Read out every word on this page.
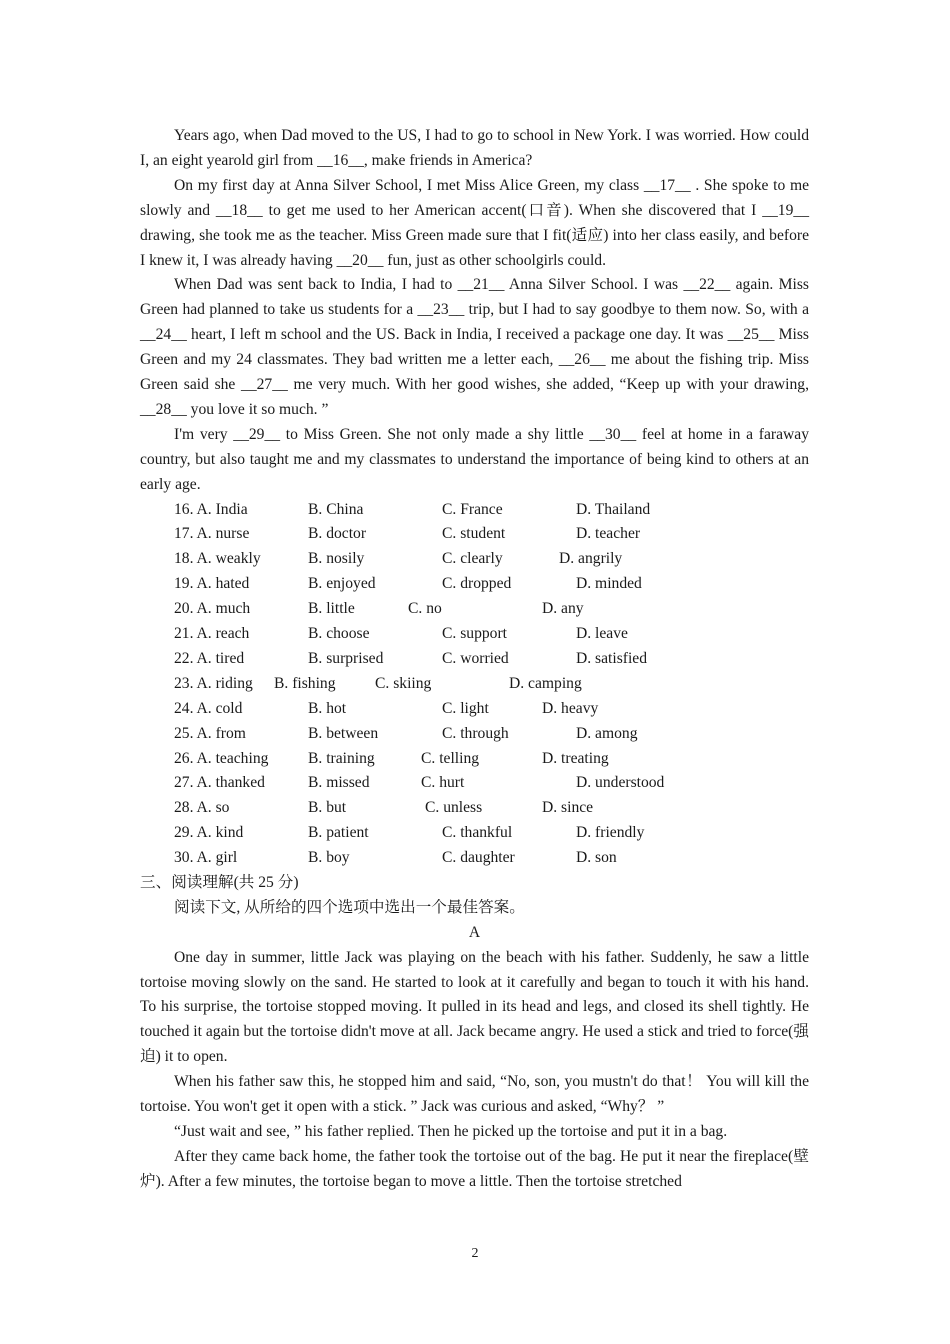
Years ago, when Dad moved to the US, I had to go to school in New York. I was worried. How could I, an eight yearold girl from __16__, make friends in America?

On my first day at Anna Silver School, I met Miss Alice Green, my class __17__ . She spoke to me slowly and __18__ to get me used to her American accent(口音). When she discovered that I __19__ drawing, she took me as the teacher. Miss Green made sure that I fit(适应) into her class easily, and before I knew it, I was already having __20__ fun, just as other schoolgirls could.

When Dad was sent back to India, I had to __21__ Anna Silver School. I was __22__ again. Miss Green had planned to take us students for a __23__ trip, but I had to say goodbye to them now. So, with a __24__ heart, I left m school and the US. Back in India, I received a package one day. It was __25__ Miss Green and my 24 classmates. They bad written me a letter each, __26__ me about the fishing trip. Miss Green said she __27__ me very much. With her good wishes, she added, “Keep up with your drawing, __28__ you love it so much. ”

I'm very __29__ to Miss Green. She not only made a shy little __30__ feel at home in a faraway country, but also taught me and my classmates to understand the importance of being kind to others at an early age.

16. A. India	B. China	C. France	D. Thailand
17. A. nurse	B. doctor	C. student	D. teacher
18. A. weakly	B. nosily	C. clearly	D. angrily
19. A. hated	B. enjoyed	C. dropped	D. minded
20. A. much	B. little	C. no	D. any
21. A. reach	B. choose	C. support	D. leave
22. A. tired	B. surprised	C. worried	D. satisfied
23. A. riding B. fishing	C. skiing	D. camping
24. A. cold	B. hot	C. light	D. heavy
25. A. from	B. between	C. through	D. among
26. A. teaching	B. training	C. telling	D. treating
27. A. thanked	B. missed	C. hurt	D. understood
28. A. so	B. but	C. unless	D. since
29. A. kind	B. patient	C. thankful	D. friendly
30. A. girl	B. boy	C. daughter	D. son

三、阅读理解(共 25 分)

阅读下文, 从所给的四个选项中选出一个最佳答案。

A

One day in summer, little Jack was playing on the beach with his father. Suddenly, he saw a little tortoise moving slowly on the sand. He started to look at it carefully and began to touch it with his hand. To his surprise, the tortoise stopped moving. It pulled in its head and legs, and closed its shell tightly. He touched it again but the tortoise didn't move at all. Jack became angry. He used a stick and tried to force(强迫) it to open.

When his father saw this, he stopped him and said, “No, son, you mustn't do that！ You will kill the tortoise. You won't get it open with a stick. ” Jack was curious and asked, “Why？ ”

“Just wait and see, ” his father replied. Then he picked up the tortoise and put it in a bag.

After they came back home, the father took the tortoise out of the bag. He put it near the fireplace(壁炉). After a few minutes, the tortoise began to move a little. Then the tortoise stretched

2
